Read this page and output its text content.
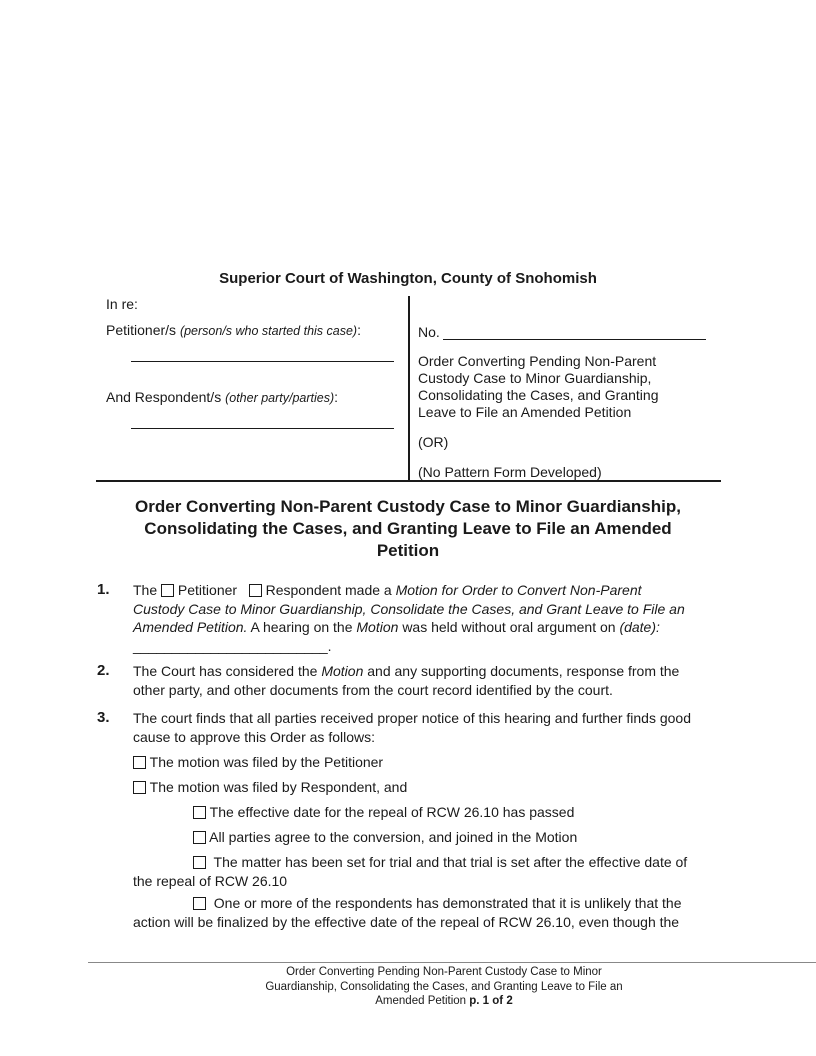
Superior Court of Washington, County of Snohomish
In re:
Petitioner/s (person/s who started this case):
And Respondent/s (other party/parties):
No.
Order Converting Pending Non-Parent
Custody Case to Minor Guardianship,
Consolidating the Cases, and Granting
Leave to File an Amended Petition
(OR)
(No Pattern Form Developed)
Order Converting Non-Parent Custody Case to Minor Guardianship,
Consolidating the Cases, and Granting Leave to File an Amended
Petition
1. The Petitioner Respondent made a Motion for Order to Convert Non-Parent
Custody Case to Minor Guardianship, Consolidate the Cases, and Grant Leave to File an
Amended Petition. A hearing on the Motion was held without oral argument on (date):
_________________________.
2. The Court has considered the Motion and any supporting documents, response from the
other party, and other documents from the court record identified by the court.
3. The court finds that all parties received proper notice of this hearing and further finds good
cause to approve this Order as follows:
The motion was filed by the Petitioner
The motion was filed by Respondent, and
The effective date for the repeal of RCW 26.10 has passed
All parties agree to the conversion, and joined in the Motion
The matter has been set for trial and that trial is set after the effective date of
the repeal of RCW 26.10
One or more of the respondents has demonstrated that it is unlikely that the
action will be finalized by the effective date of the repeal of RCW 26.10, even though the
Order Converting Pending Non-Parent Custody Case to Minor
Guardianship, Consolidating the Cases, and Granting Leave to File an
Amended Petition p. 1 of 2
